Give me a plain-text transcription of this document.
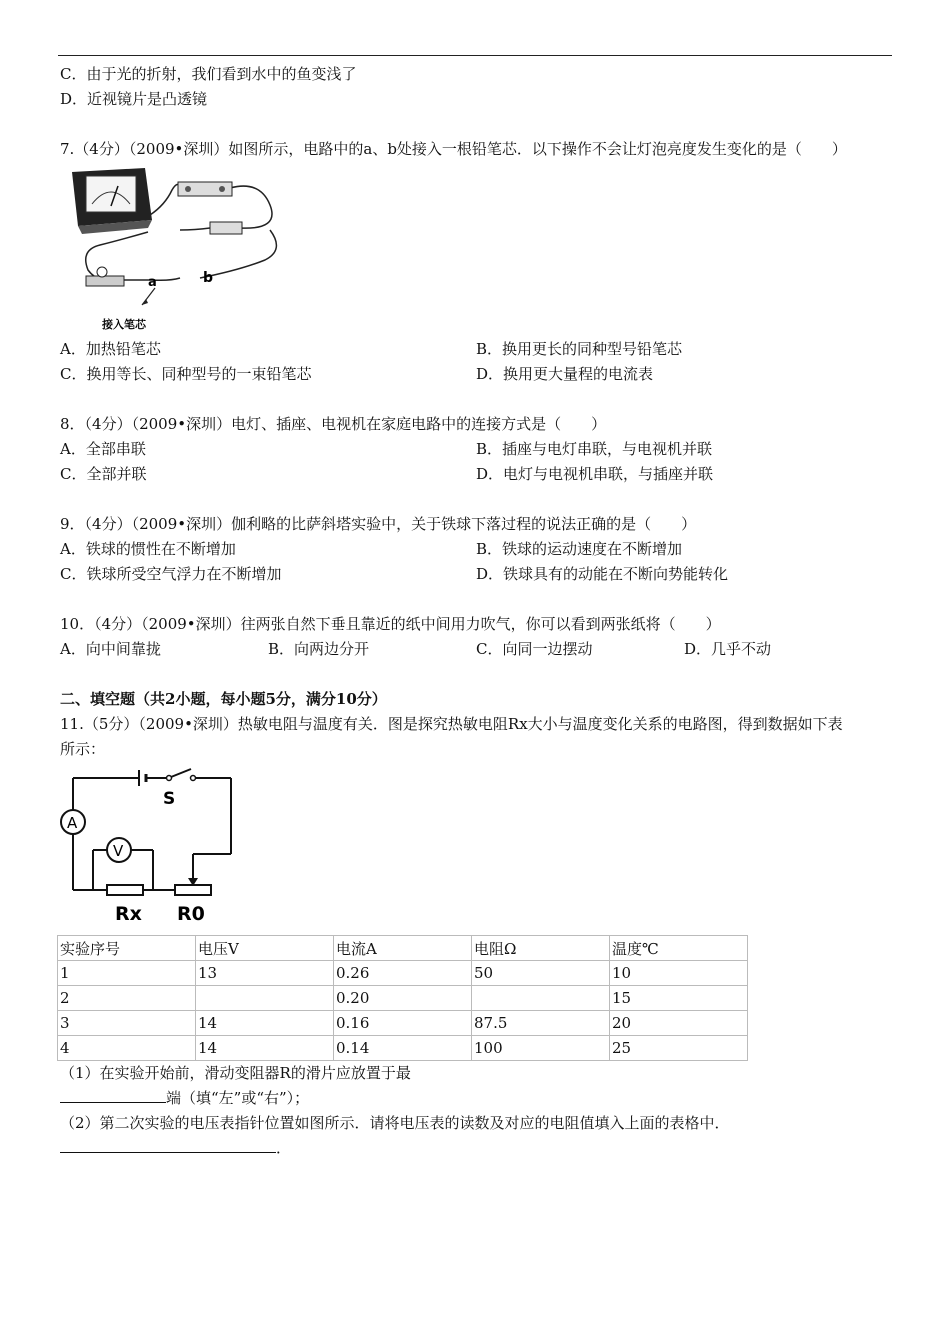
C．由于光的折射，我们看到水中的鱼变浅了
D．近视镜片是凸透镜
7.（4分）（2009•深圳）如图所示，电路中的a、b处接入一根铅笔芯．以下操作不会让灯泡亮度发生变化的是（　　）
a	b
接入笔芯
A．加热铅笔芯	B．换用更长的同种型号铅笔芯
C．换用等长、同种型号的一束铅笔芯	D．换用更大量程的电流表
8．（4分）（2009•深圳）电灯、插座、电视机在家庭电路中的连接方式是（　　）
A．全部串联	B．插座与电灯串联，与电视机并联
C．全部并联	D．电灯与电视机串联，与插座并联
9．（4分）（2009•深圳）伽利略的比萨斜塔实验中，关于铁球下落过程的说法正确的是（　　）
A．铁球的惯性在不断增加	B．铁球的运动速度在不断增加
C．铁球所受空气浮力在不断增加	D．铁球具有的动能在不断向势能转化
10．（4分）（2009•深圳）往两张自然下垂且靠近的纸中间用力吹气，你可以看到两张纸将（　　）
A．向中间靠拢	B．向两边分开	C．向同一边摆动	D．几乎不动
二、填空题（共2小题，每小题5分，满分10分）
11.（5分）（2009•深圳）热敏电阻与温度有关．图是探究热敏电阻Rx大小与温度变化关系的电路图，得到数据如下表
所示：
S
A
V
Rx R0
实验序号	电压V	电流A	电阻Ω	温度℃
1	13	0.26	50	10
2		0.20		15
3	14	0.16	87.5	20
4	14	0.14	100	25
（1）在实验开始前，滑动变阻器R的滑片应放置于最
端（填“左”或“右”）；
（2）第二次实验的电压表指针位置如图所示．请将电压表的读数及对应的电阻值填入上面的表格中．
．
